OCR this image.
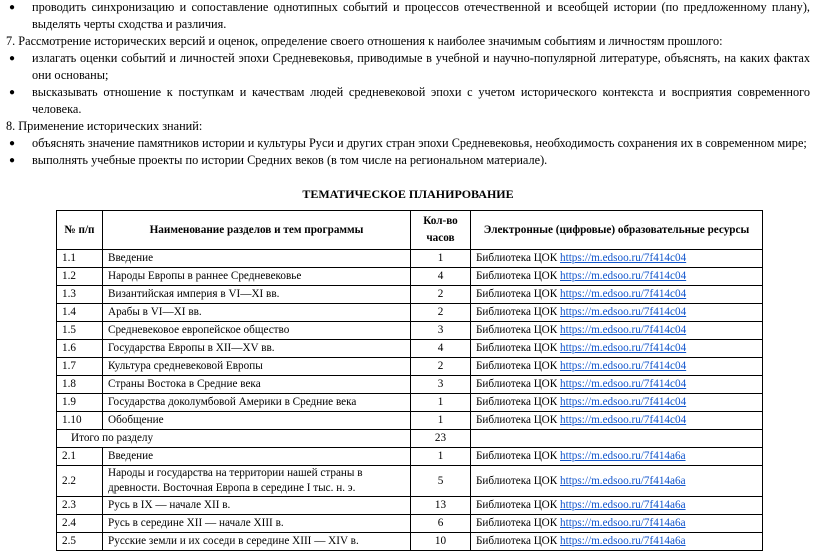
● проводить синхронизацию и сопоставление однотипных событий и процессов отечественной и всеобщей истории (по предложенному плану), выделять черты сходства и различия.
7. Рассмотрение исторических версий и оценок, определение своего отношения к наиболее значимым событиям и личностям прошлого:
● излагать оценки событий и личностей эпохи Средневековья, приводимые в учебной и научно-популярной литературе, объяснять, на каких фактах они основаны;
● высказывать отношение к поступкам и качествам людей средневековой эпохи с учетом исторического контекста и восприятия современного человека.
8. Применение исторических знаний:
● объяснять значение памятников истории и культуры Руси и других стран эпохи Средневековья, необходимость сохранения их в современном мире;
● выполнять учебные проекты по истории Средних веков (в том числе на региональном материале).
ТЕМАТИЧЕСКОЕ ПЛАНИРОВАНИЕ
№ п/п	Наименование разделов и тем программы	Кол-во часов	Электронные (цифровые) образовательные ресурсы
1.1	Введение	1	Библиотека ЦОК https://m.edsoo.ru/7f414c04
1.2	Народы Европы в раннее Средневековье	4	Библиотека ЦОК https://m.edsoo.ru/7f414c04
1.3	Византийская империя в VI—XI вв.	2	Библиотека ЦОК https://m.edsoo.ru/7f414c04
1.4	Арабы в VI—XI вв.	2	Библиотека ЦОК https://m.edsoo.ru/7f414c04
1.5	Средневековое европейское общество	3	Библиотека ЦОК https://m.edsoo.ru/7f414c04
1.6	Государства Европы в XII—XV вв.	4	Библиотека ЦОК https://m.edsoo.ru/7f414c04
1.7	Культура средневековой Европы	2	Библиотека ЦОК https://m.edsoo.ru/7f414c04
1.8	Страны Востока в Средние века	3	Библиотека ЦОК https://m.edsoo.ru/7f414c04
1.9	Государства доколумбовой Америки в Средние века	1	Библиотека ЦОК https://m.edsoo.ru/7f414c04
1.10	Обобщение	1	Библиотека ЦОК https://m.edsoo.ru/7f414c04
Итого по разделу		23	
2.1	Введение	1	Библиотека ЦОК https://m.edsoo.ru/7f414a6a
2.2	Народы и государства на территории нашей страны в древности. Восточная Европа в середине I тыс. н. э.	5	Библиотека ЦОК https://m.edsoo.ru/7f414a6a
2.3	Русь в IX — начале XII в.	13	Библиотека ЦОК https://m.edsoo.ru/7f414a6a
2.4	Русь в середине XII — начале XIII в.	6	Библиотека ЦОК https://m.edsoo.ru/7f414a6a
2.5	Русские земли и их соседи в середине XIII — XIV в.	10	Библиотека ЦОК https://m.edsoo.ru/7f414a6a
